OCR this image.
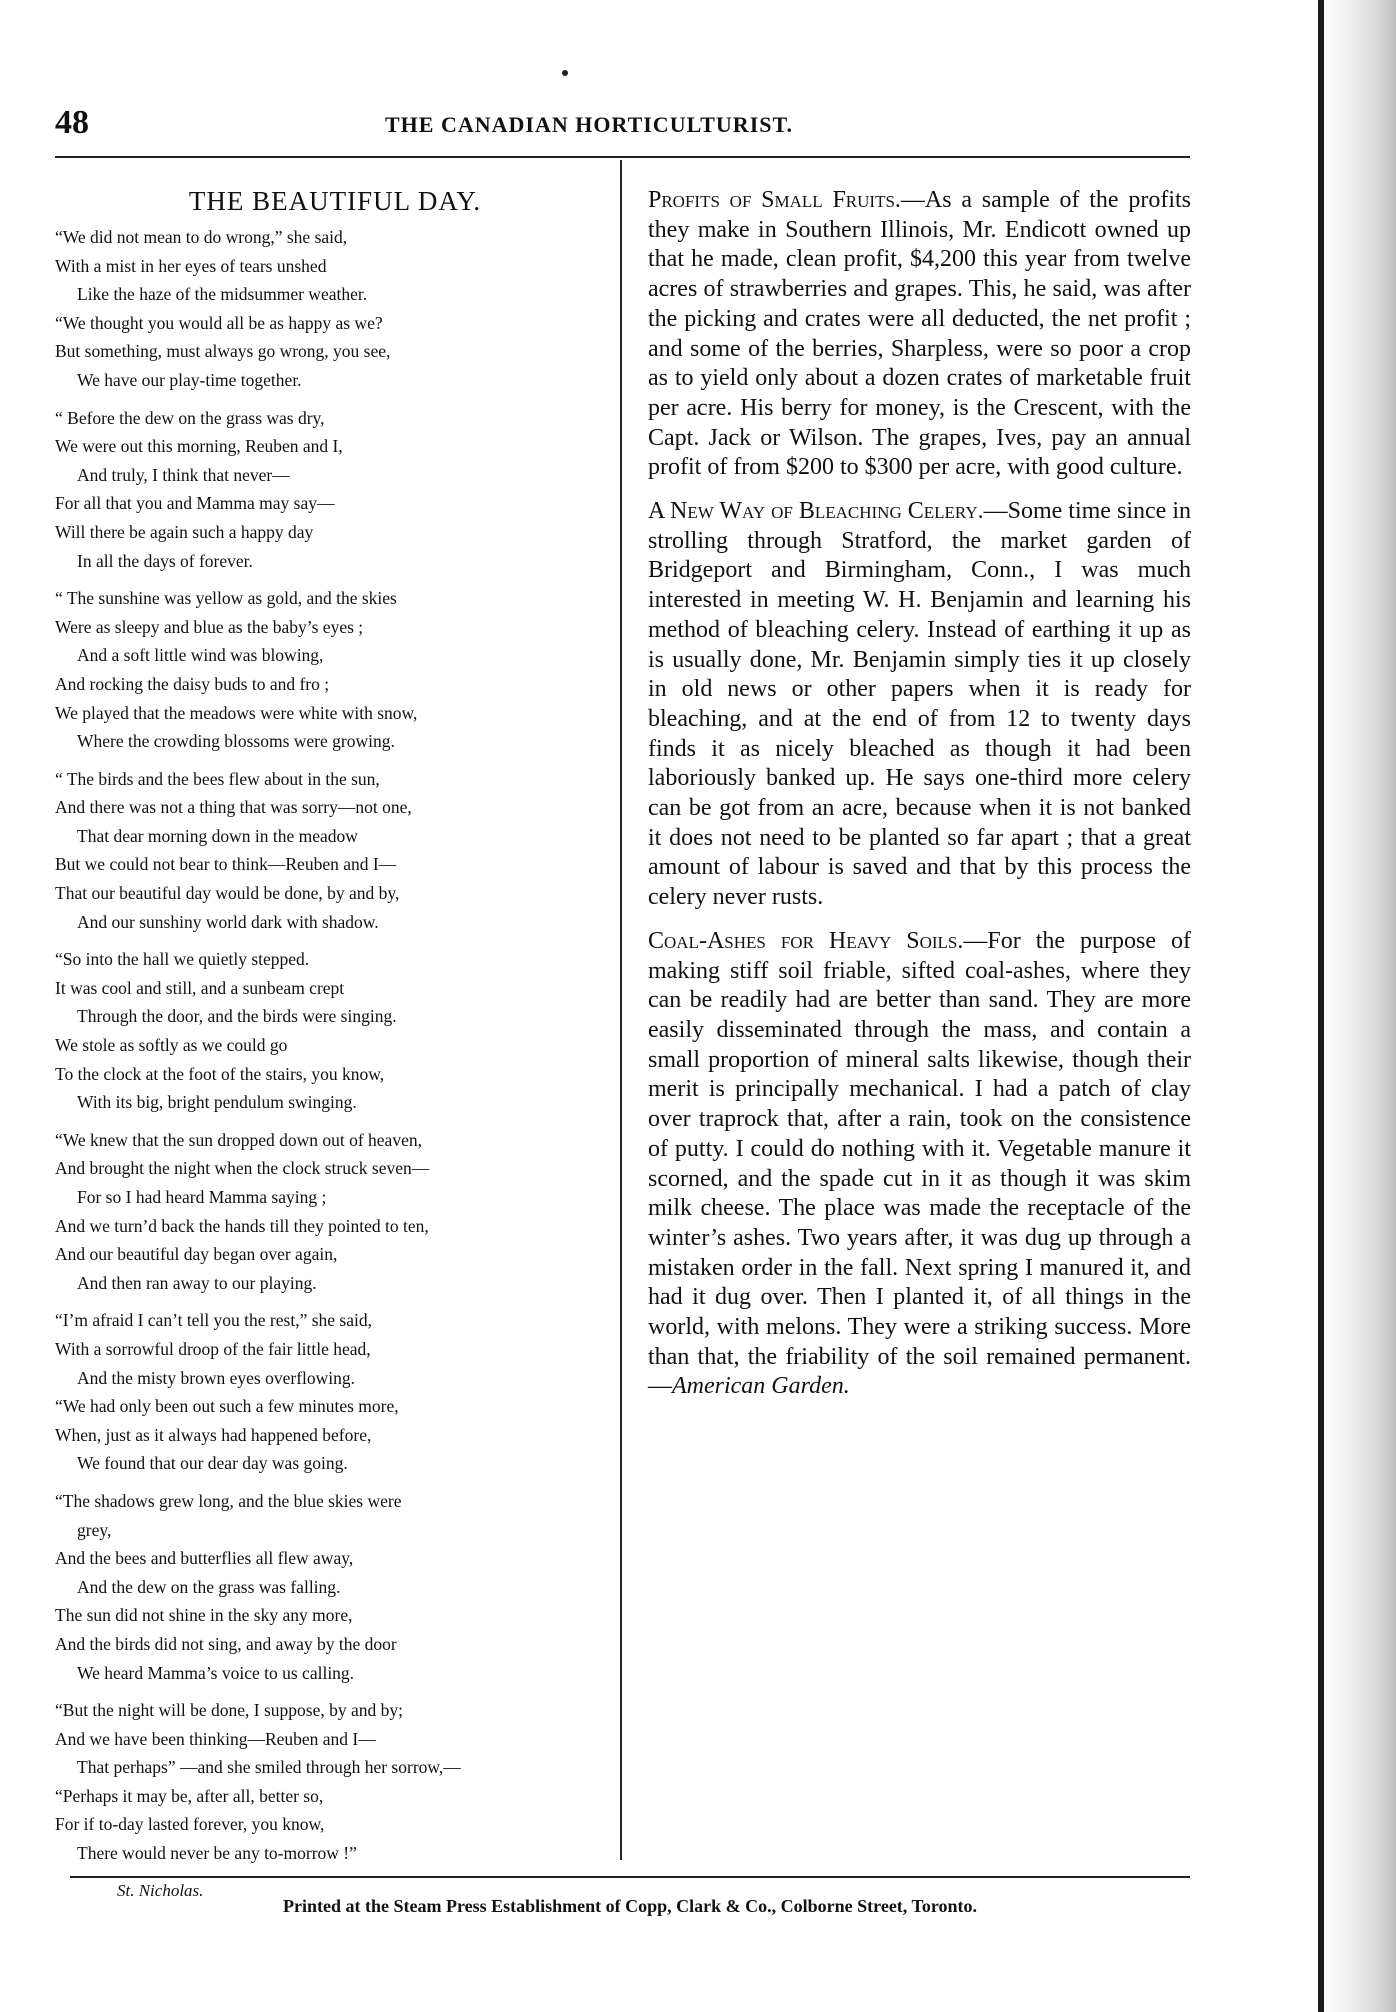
48	THE CANADIAN HORTICULTURIST.
THE BEAUTIFUL DAY.
“We did not mean to do wrong,” she said,
With a mist in her eyes of tears unshed
Like the haze of the midsummer weather.
“We thought you would all be as happy as we?
But something, must always go wrong, you see,
We have our play-time together.
“ Before the dew on the grass was dry,
We were out this morning, Reuben and I,
And truly, I think that never—
For all that you and Mamma may say—
Will there be again such a happy day
In all the days of forever.
“ The sunshine was yellow as gold, and the skies
Were as sleepy and blue as the baby’s eyes ;
And a soft little wind was blowing,
And rocking the daisy buds to and fro ;
We played that the meadows were white with snow,
Where the crowding blossoms were growing.
“ The birds and the bees flew about in the sun,
And there was not a thing that was sorry—not one,
That dear morning down in the meadow
But we could not bear to think—Reuben and I—
That our beautiful day would be done, by and by,
And our sunshiny world dark with shadow.
“So into the hall we quietly stepped.
It was cool and still, and a sunbeam crept
Through the door, and the birds were singing.
We stole as softly as we could go
To the clock at the foot of the stairs, you know,
With its big, bright pendulum swinging.
“We knew that the sun dropped down out of heaven,
And brought the night when the clock struck seven—
For so I had heard Mamma saying ;
And we turn’d back the hands till they pointed to ten,
And our beautiful day began over again,
And then ran away to our playing.
“I’m afraid I can’t tell you the rest,” she said,
With a sorrowful droop of the fair little head,
And the misty brown eyes overflowing.
“We had only been out such a few minutes more,
When, just as it always had happened before,
We found that our dear day was going.
“The shadows grew long, and the blue skies were
grey,
And the bees and butterflies all flew away,
And the dew on the grass was falling.
The sun did not shine in the sky any more,
And the birds did not sing, and away by the door
We heard Mamma’s voice to us calling.
“But the night will be done, I suppose, by and by;
And we have been thinking—Reuben and I—
That perhaps” —and she smiled through her sorrow,—
“Perhaps it may be, after all, better so,
For if to-day lasted forever, you know,
There would never be any to-morrow !”
St. Nicholas.

Profits of Small Fruits.—As a sample of the profits they make in Southern Illinois, Mr. Endicott owned up that he made, clean profit, $4,200 this year from twelve acres of strawberries and grapes. This, he said, was after the picking and crates were all deducted, the net profit ; and some of the berries, Sharpless, were so poor a crop as to yield only about a dozen crates of marketable fruit per acre. His berry for money, is the Crescent, with the Capt. Jack or Wilson. The grapes, Ives, pay an annual profit of from $200 to $300 per acre, with good culture.

A New Way of Bleaching Celery.—Some time since in strolling through Stratford, the market garden of Bridgeport and Birmingham, Conn., I was much interested in meeting W. H. Benjamin and learning his method of bleaching celery. Instead of earthing it up as is usually done, Mr. Benjamin simply ties it up closely in old news or other papers when it is ready for bleaching, and at the end of from 12 to twenty days finds it as nicely bleached as though it had been laboriously banked up. He says one-third more celery can be got from an acre, because when it is not banked it does not need to be planted so far apart ; that a great amount of labour is saved and that by this process the celery never rusts.

Coal-Ashes for Heavy Soils.—For the purpose of making stiff soil friable, sifted coal-ashes, where they can be readily had are better than sand. They are more easily disseminated through the mass, and contain a small proportion of mineral salts likewise, though their merit is principally mechanical. I had a patch of clay over traprock that, after a rain, took on the consistence of putty. I could do nothing with it. Vegetable manure it scorned, and the spade cut in it as though it was skim milk cheese. The place was made the receptacle of the winter’s ashes. Two years after, it was dug up through a mistaken order in the fall. Next spring I manured it, and had it dug over. Then I planted it, of all things in the world, with melons. They were a striking success. More than that, the friability of the soil remained permanent.—American Garden.

Printed at the Steam Press Establishment of Copp, Clark & Co., Colborne Street, Toronto.
